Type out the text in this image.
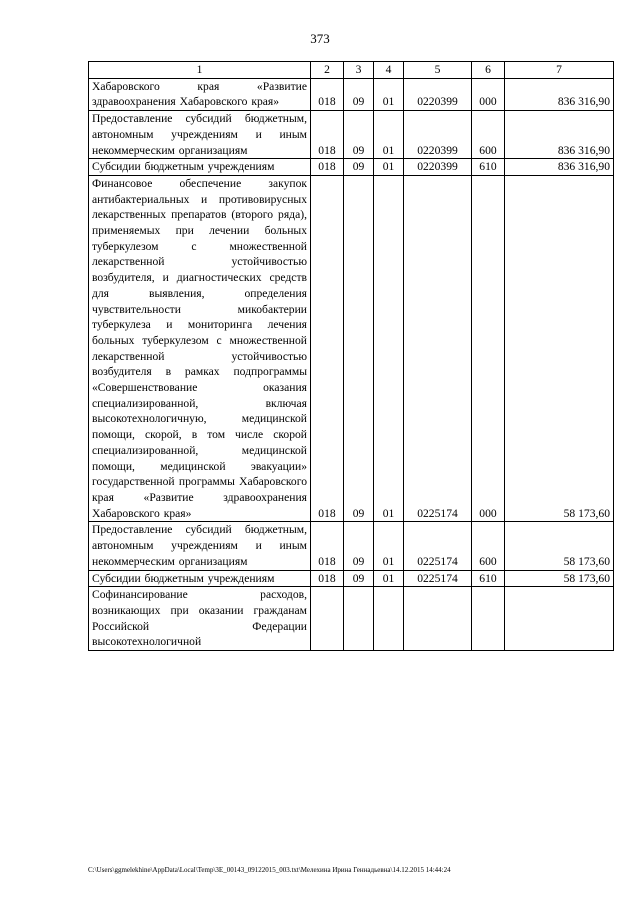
373
1	2	3	4	5	6	7
Хабаровского края «Развитие здравоохранения Хабаровского края»	018	09	01	0220399	000	836 316,90
Предоставление субсидий бюджетным, автономным учреждениям и иным некоммерческим организациям	018	09	01	0220399	600	836 316,90
Субсидии бюджетным учреждениям	018	09	01	0220399	610	836 316,90
Финансовое обеспечение закупок антибактериальных и противовирусных лекарственных препаратов (второго ряда), применяемых при лечении больных туберкулезом с множественной лекарственной устойчивостью возбудителя, и диагностических средств для выявления, определения чувствительности микобактерии туберкулеза и мониторинга лечения больных туберкулезом с множественной лекарственной устойчивостью возбудителя в рамках подпрограммы «Совершенствование оказания специализированной, включая высокотехнологичную, медицинской помощи, скорой, в том числе скорой специализированной, медицинской помощи, медицинской эвакуации» государственной программы Хабаровского края «Развитие здравоохранения Хабаровского края»	018	09	01	0225174	000	58 173,60
Предоставление субсидий бюджетным, автономным учреждениям и иным некоммерческим организациям	018	09	01	0225174	600	58 173,60
Субсидии бюджетным учреждениям	018	09	01	0225174	610	58 173,60
Софинансирование расходов, возникающих при оказании гражданам Российской Федерации высокотехнологичной						
C:\Users\ggmelekhine\AppData\Local\Temp\3E_00143_09122015_003.txt\Мелехина Ирина Геннадьевна\14.12.2015 14:44:24
